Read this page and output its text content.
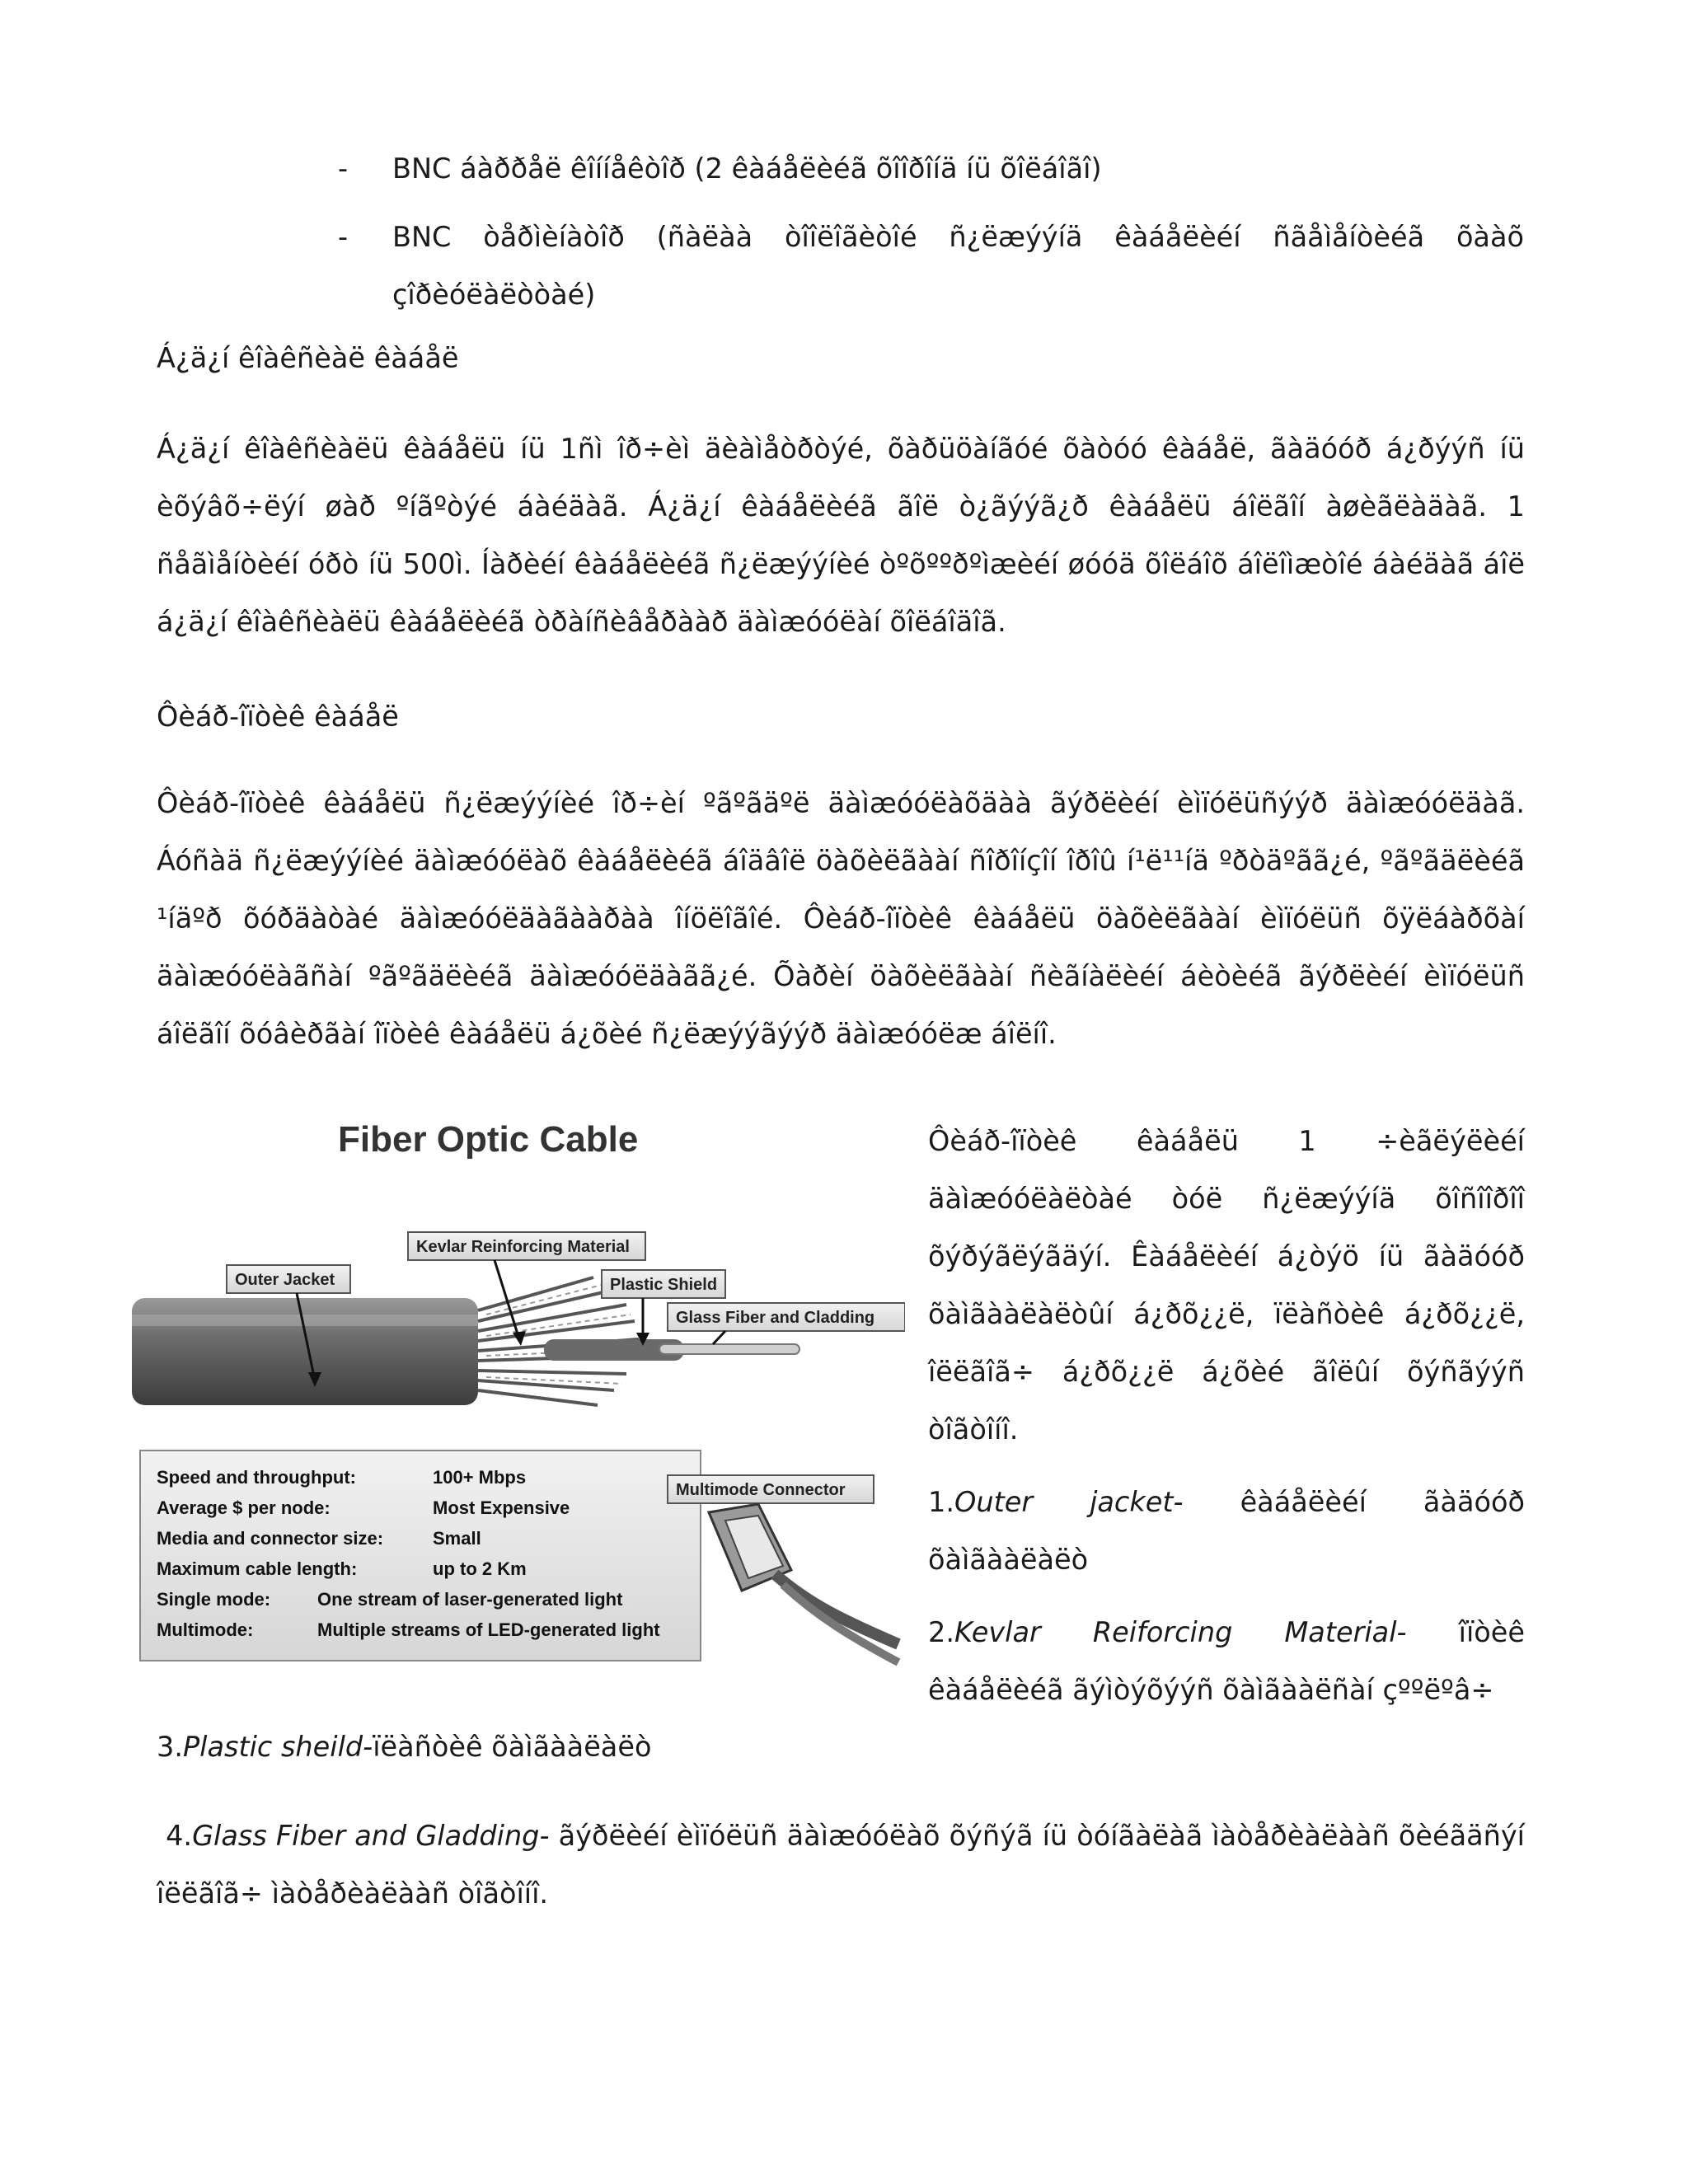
-	BNC áàððåë êîííåêòîð (2 êàáåëèéã õîîðîíä íü õîëáîãî)
-	BNC òåðìèíàòîð (ñàëàà òîîëîãèòîé ñ¿ëæýýíä êàáåëèéí ñãåìåíòèéã õààõ çîðèóëàëòòàé)
Á¿ä¿í êîàêñèàë êàáåë

Á¿ä¿í êîàêñèàëü êàáåëü íü 1ñì îð÷èì äèàìåòðòýé, õàðüöàíãóé õàòóó êàáåë, ãàäóóð á¿ðýýñ íü èõýâõ÷ëýí øàð ºíãºòýé áàéäàã. Á¿ä¿í êàáåëèéã ãîë ò¿ãýýã¿ð êàáåëü áîëãîí àøèãëàäàã. 1 ñåãìåíòèéí óðò íü 500ì. Íàðèéí êàáåëèéã ñ¿ëæýýíèé òºõººðºìæèéí øóóä õîëáîõ áîëîìæòîé áàéäàã áîë á¿ä¿í êîàêñèàëü êàáåëèéã òðàíñèâåðààð äàìæóóëàí õîëáîäîã.

Ôèáð-îïòèê êàáåë

Ôèáð-îïòèê êàáåëü ñ¿ëæýýíèé îð÷èí ºãºãäºë äàìæóóëàõäàà ãýðëèéí èìïóëüñýýð äàìæóóëäàã. Áóñàä ñ¿ëæýýíèé äàìæóóëàõ êàáåëèéã áîäâîë öàõèëãààí ñîðîíçîí îðîû í¹ë¹¹íä ºðòäºãã¿é, ºãºãäëèéã ¹íäºð õóðäàòàé äàìæóóëäàãààðàà îíöëîãîé. Ôèáð-îïòèê êàáåëü öàõèëãààí èìïóëüñ õÿëáàðõàí äàìæóóëàãñàí ºãºãäëèéã äàìæóóëäàãã¿é. Õàðèí öàõèëãààí ñèãíàëèéí áèòèéã ãýðëèéí èìïóëüñ áîëãîí õóâèðãàí îïòèê êàáåëü á¿õèé ñ¿ëæýýãýýð äàìæóóëæ áîëíî.

Fiber Optic Cable
Outer Jacket
Kevlar Reinforcing Material
Plastic Shield
Glass Fiber and Cladding
Speed and throughput:	100+ Mbps
Average $ per node:	Most Expensive
Media and connector size:	Small
Maximum cable length:	up to 2 Km
Single mode:	One stream of laser-generated light
Multimode:	Multiple streams of LED-generated light
Multimode Connector

Ôèáð-îïòèê êàáåëü 1 ÷èãëýëèéí äàìæóóëàëòàé òóë ñ¿ëæýýíä õîñîîðîî õýðýãëýãäýí. Êàáåëèéí á¿òýö íü ãàäóóð õàìãààëàëòûí á¿ðõ¿¿ë, ïëàñòèê á¿ðõ¿¿ë, îëëãîã÷ á¿ðõ¿¿ë á¿õèé ãîëûí õýñãýýñ òîãòîíî.

1.Outer jacket- êàáåëèéí ãàäóóð õàìãààëàëò

2.Kevlar Reiforcing Material- îïòèê êàáåëèéã ãýìòýõýýñ õàìãààëñàí çººëºâ÷

3.Plastic sheild-ïëàñòèê õàìãààëàëò

4.Glass Fiber and Gladding- ãýðëèéí èìïóëüñ äàìæóóëàõ õýñýã íü òóíãàëàã ìàòåðèàëààñ õèéãäñýí îëëãîã÷ ìàòåðèàëààñ òîãòîíî.
